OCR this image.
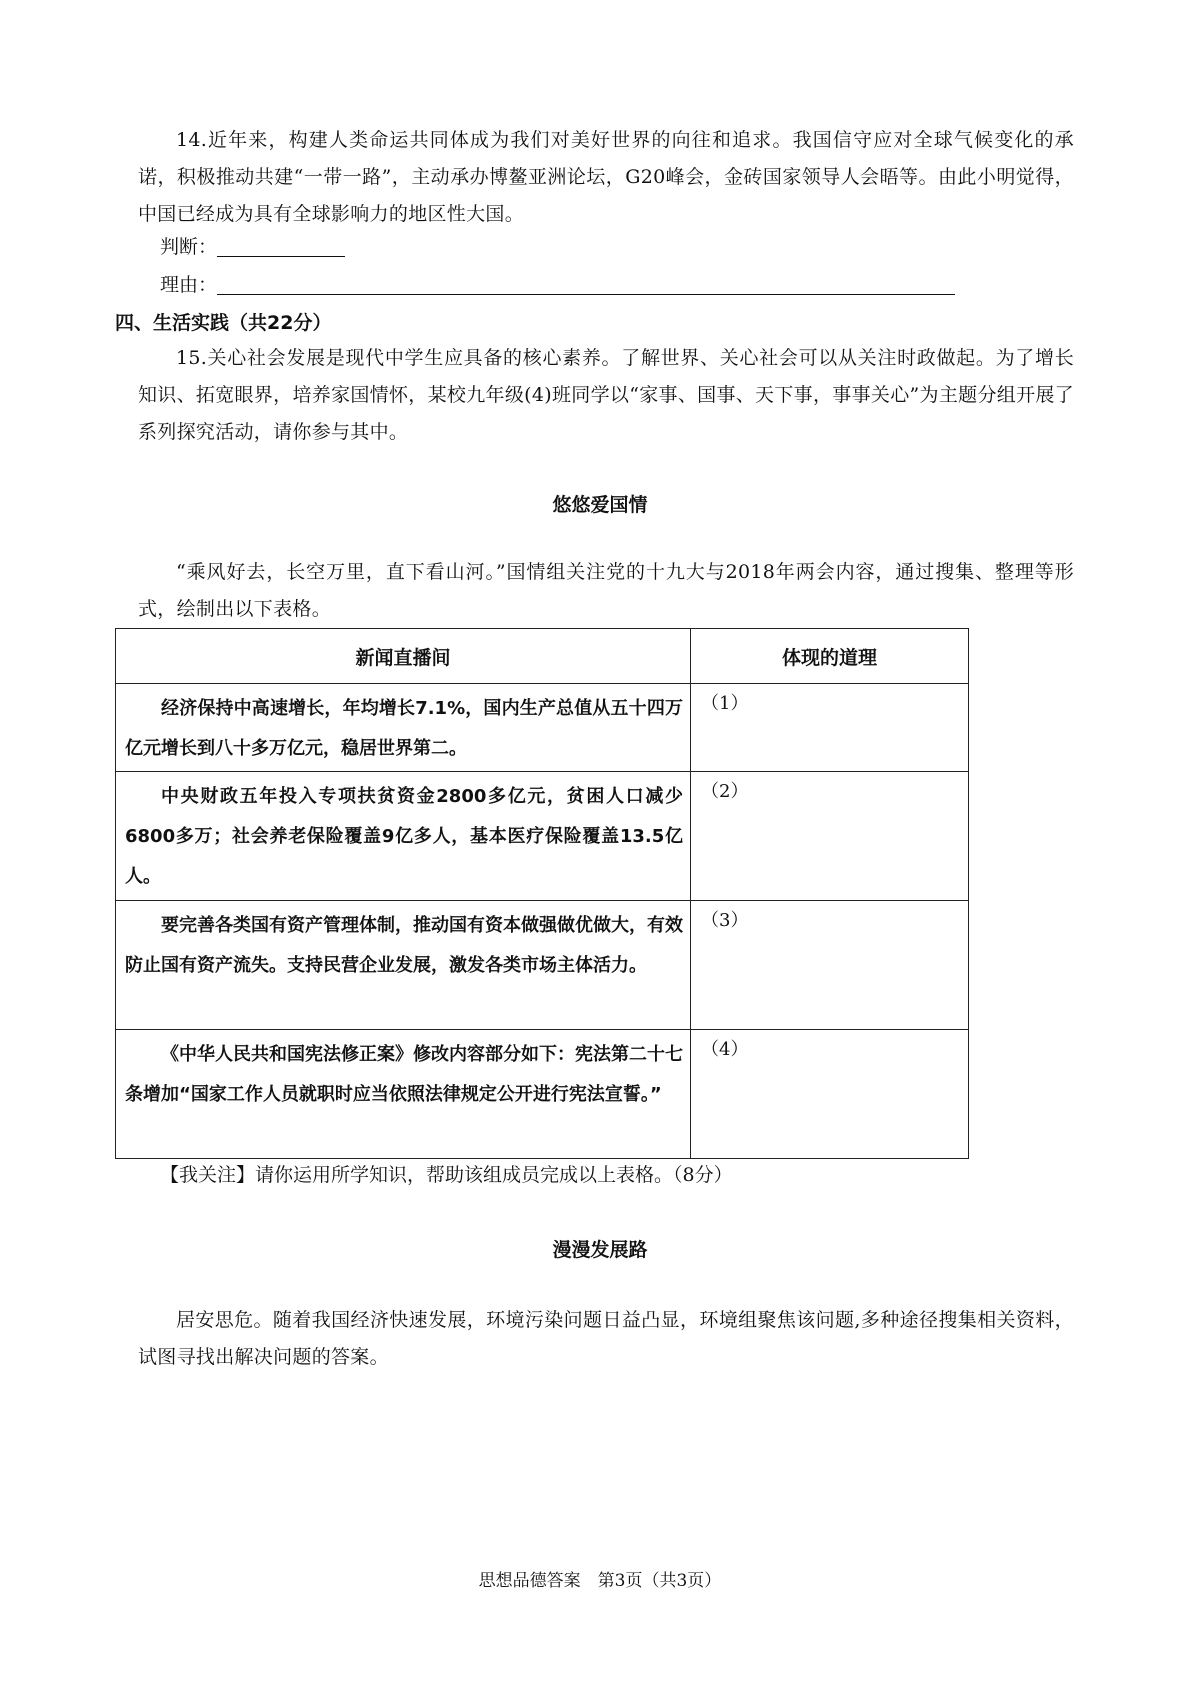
14.近年来，构建人类命运共同体成为我们对美好世界的向往和追求。我国信守应对全球气候变化的承诺，积极推动共建“一带一路”，主动承办博鳌亚洲论坛，G20峰会，金砖国家领导人会晤等。由此小明觉得，中国已经成为具有全球影响力的地区性大国。
判断：
理由：
四、生活实践（共22分）
15.关心社会发展是现代中学生应具备的核心素养。了解世界、关心社会可以从关注时政做起。为了增长知识、拓宽眼界，培养家国情怀，某校九年级(4)班同学以“家事、国事、天下事，事事关心”为主题分组开展了系列探究活动，请你参与其中。
悠悠爱国情
“乘风好去，长空万里，直下看山河。”国情组关注党的十九大与2018年两会内容，通过搜集、整理等形式，绘制出以下表格。
新闻直播间	体现的道理

经济保持中高速增长，年均增长7.1%，国内生产总值从五十四万亿元增长到八十多万亿元，稳居世界第二。	（1）

中央财政五年投入专项扶贫资金2800多亿元，贫困人口减少6800多万；社会养老保险覆盖9亿多人，基本医疗保险覆盖13.5亿人。	（2）

要完善各类国有资产管理体制，推动国有资本做强做优做大，有效防止国有资产流失。支持民营企业发展，激发各类市场主体活力。	（3）

《中华人民共和国宪法修正案》修改内容部分如下：宪法第二十七条增加“国家工作人员就职时应当依照法律规定公开进行宪法宣誓。”	（4）
【我关注】请你运用所学知识，帮助该组成员完成以上表格。（8分）
漫漫发展路
居安思危。随着我国经济快速发展，环境污染问题日益凸显，环境组聚焦该问题,多种途径搜集相关资料，试图寻找出解决问题的答案。
思想品德答案　第3页（共3页）
